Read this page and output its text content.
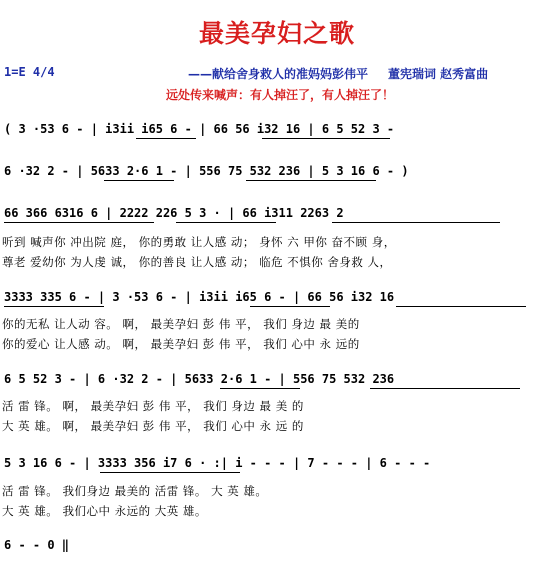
最美孕妇之歌
1=E 4/4	——献给舍身救人的准妈妈彭伟平 董宪瑞词 赵秀富曲
远处传来喊声：有人掉汪了，有人掉汪了！
( 3 ·53 6 - | i3ii i65 6 - | 66 56 i32 16 | 6 5 52 3 -
6 ·32 2 - | 5633 2·6 1 - | 556 75 532 236 | 5 3 16 6 - )
66 366 6316 6 | 2222 226 5 3 · | 66 i311 2263 2
听到 喊声你 冲出院 庭， 你的勇敢 让人感 动； 身怀 六 甲你 奋不顾 身，
尊老 爱幼你 为人虔 诚， 你的善良 让人感 动； 临危 不惧你 舍身救 人，
3333 335 6 - | 3 ·53 6 - | i3ii i65 6 - | 66 56 i32 16
你的无私 让人动 容。 啊， 最美孕妇 彭 伟 平， 我们 身边 最 美的
你的爱心 让人感 动。 啊， 最美孕妇 彭 伟 平， 我们 心中 永 远的
6 5 52 3 - | 6 ·32 2 - | 5633 2·6 1 - | 556 75 532 236
活 雷 锋。 啊， 最美孕妇 彭 伟 平， 我们 身边 最 美 的
大 英 雄。 啊， 最美孕妇 彭 伟 平， 我们 心中 永 远 的
5 3 16 6 - | 3333 356 i7 6 · :| i - - - | 7 - - - | 6 - - -
活 雷 锋。 我们身边 最美的 活雷 锋。 大 英 雄。
大 英 雄。 我们心中 永远的 大英 雄。
6 - - 0 ‖
